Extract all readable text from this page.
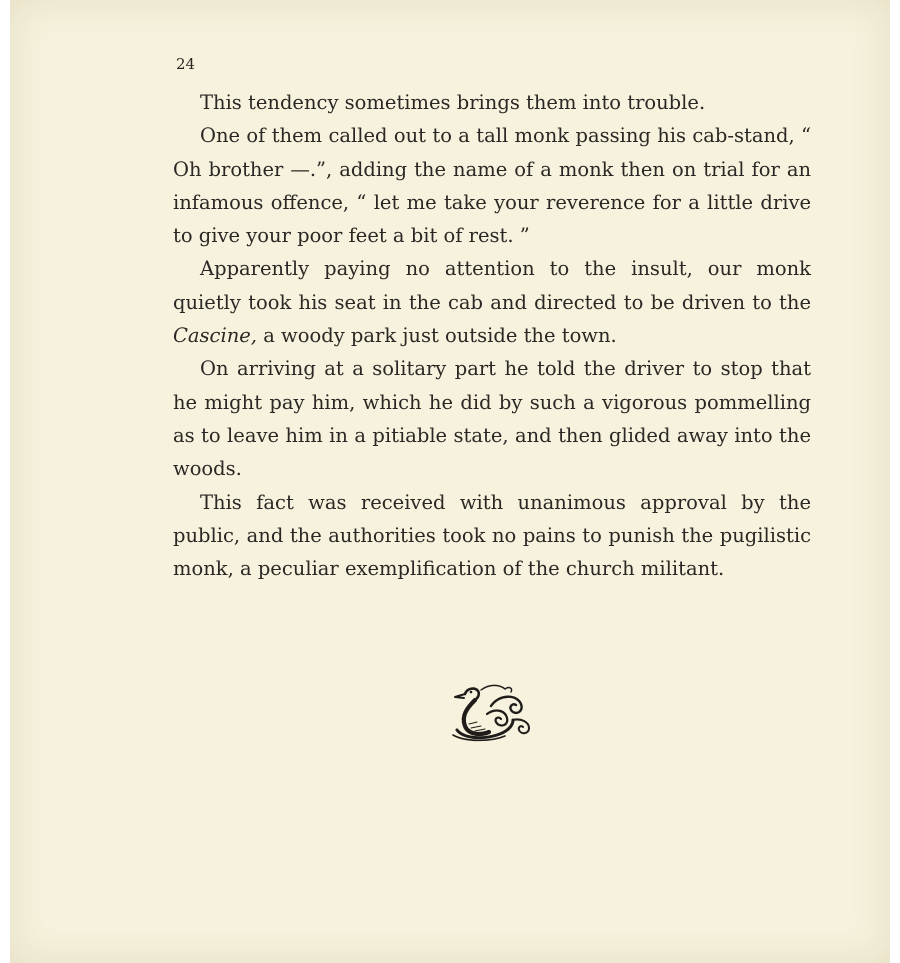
24

This tendency sometimes brings them into trouble.

One of them called out to a tall monk passing his cab-stand, “ Oh brother —.”, adding the name of a monk then on trial for an infamous offence, “ let me take your reverence for a little drive to give your poor feet a bit of rest. ”

Apparently paying no attention to the insult, our monk quietly took his seat in the cab and directed to be driven to the Cascine, a woody park just outside the town.

On arriving at a solitary part he told the driver to stop that he might pay him, which he did by such a vigorous pommelling as to leave him in a pitiable state, and then glided away into the woods.

This fact was received with unanimous approval by the public, and the authorities took no pains to punish the pugilistic monk, a peculiar exemplification of the church militant.
